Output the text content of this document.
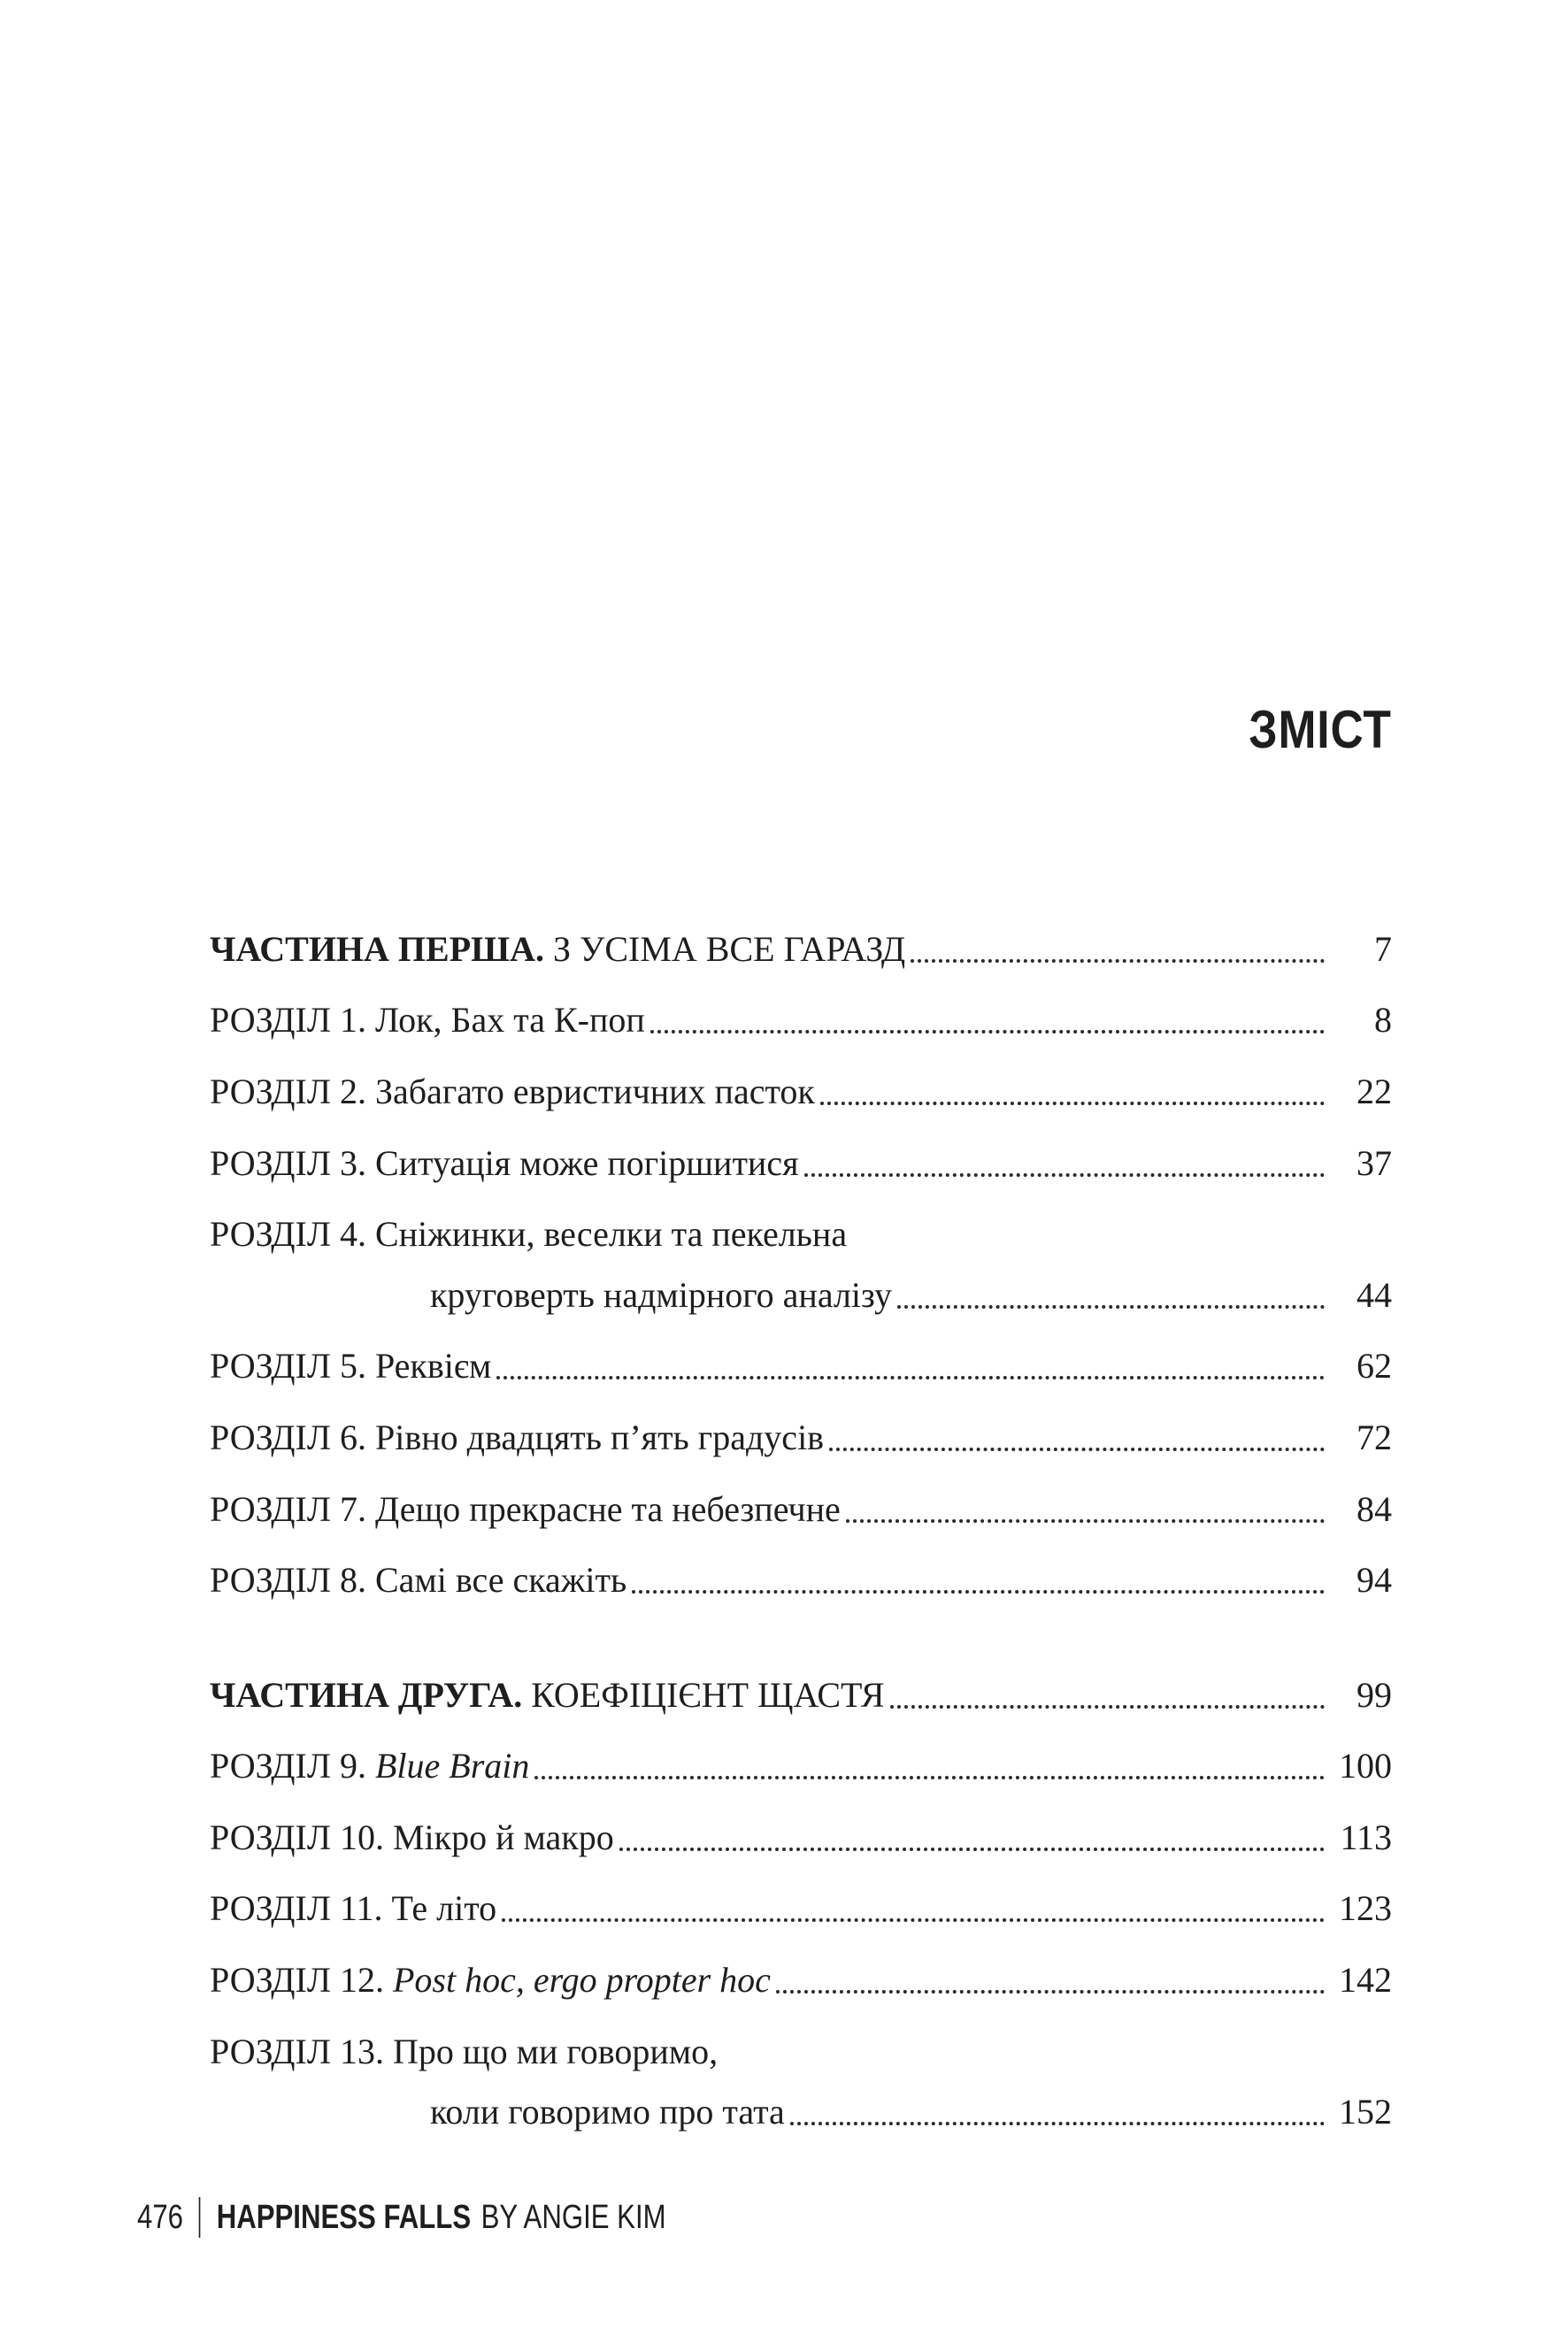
ЗМІСТ
ЧАСТИНА ПЕРША. З УСІМА ВСЕ ГАРАЗД	7
РОЗДІЛ 1. Лок, Бах та К-поп	8
РОЗДІЛ 2. Забагато евристичних пасток	22
РОЗДІЛ 3. Ситуація може погіршитися	37
РОЗДІЛ 4.
Сніжинки, веселки та пекельна
круговерть надмірного аналізу	44
РОЗДІЛ 5. Реквієм	62
РОЗДІЛ 6. Рівно двадцять п’ять градусів	72
РОЗДІЛ 7. Дещо прекрасне та небезпечне	84
РОЗДІЛ 8. Самі все скажіть	94
ЧАСТИНА ДРУГА. КОЕФІЦІЄНТ ЩАСТЯ	99
РОЗДІЛ 9. Blue Brain	100
РОЗДІЛ 10. Мікро й макро	113
РОЗДІЛ 11. Те літо	123
РОЗДІЛ 12. Post hoc, ergo propter hoc	142
РОЗДІЛ 13.
Про що ми говоримо,
коли говоримо про тата	152
476 HAPPINESS FALLS BY ANGIE KIM
